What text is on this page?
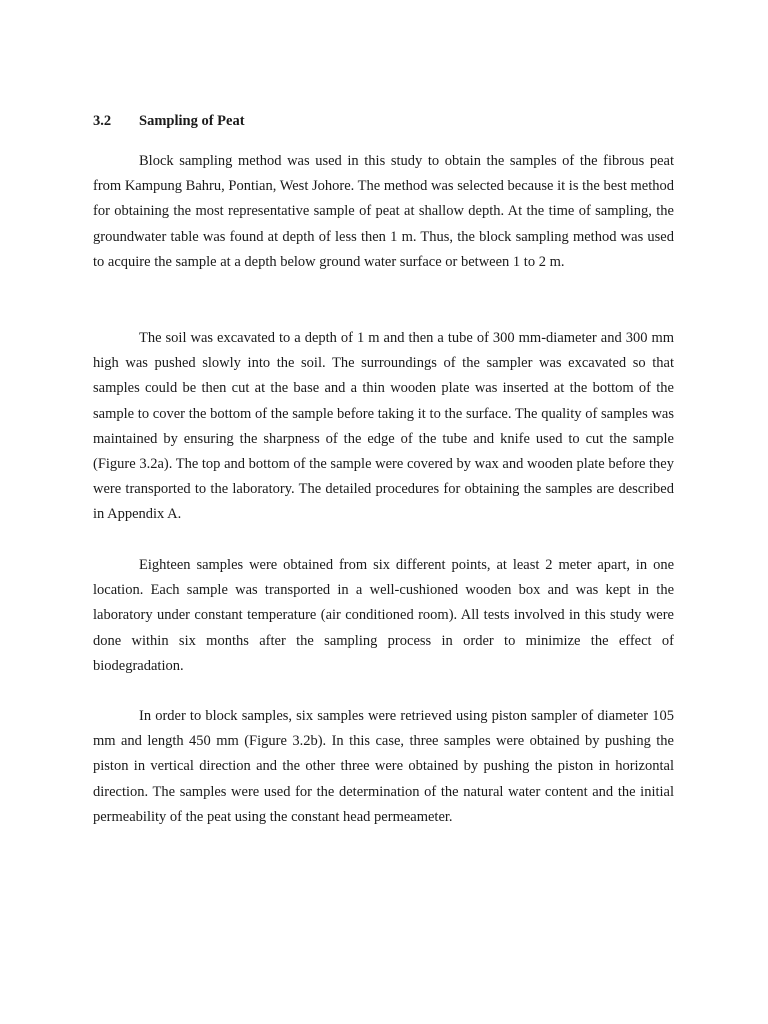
3.2 Sampling of Peat

Block sampling method was used in this study to obtain the samples of the fibrous peat from Kampung Bahru, Pontian, West Johore. The method was selected because it is the best method for obtaining the most representative sample of peat at shallow depth. At the time of sampling, the groundwater table was found at depth of less then 1 m. Thus, the block sampling method was used to acquire the sample at a depth below ground water surface or between 1 to 2 m.

The soil was excavated to a depth of 1 m and then a tube of 300 mm-diameter and 300 mm high was pushed slowly into the soil. The surroundings of the sampler was excavated so that samples could be then cut at the base and a thin wooden plate was inserted at the bottom of the sample to cover the bottom of the sample before taking it to the surface. The quality of samples was maintained by ensuring the sharpness of the edge of the tube and knife used to cut the sample (Figure 3.2a). The top and bottom of the sample were covered by wax and wooden plate before they were transported to the laboratory. The detailed procedures for obtaining the samples are described in Appendix A.

Eighteen samples were obtained from six different points, at least 2 meter apart, in one location. Each sample was transported in a well-cushioned wooden box and was kept in the laboratory under constant temperature (air conditioned room). All tests involved in this study were done within six months after the sampling process in order to minimize the effect of biodegradation.

In order to block samples, six samples were retrieved using piston sampler of diameter 105 mm and length 450 mm (Figure 3.2b). In this case, three samples were obtained by pushing the piston in vertical direction and the other three were obtained by pushing the piston in horizontal direction. The samples were used for the determination of the natural water content and the initial permeability of the peat using the constant head permeameter.
